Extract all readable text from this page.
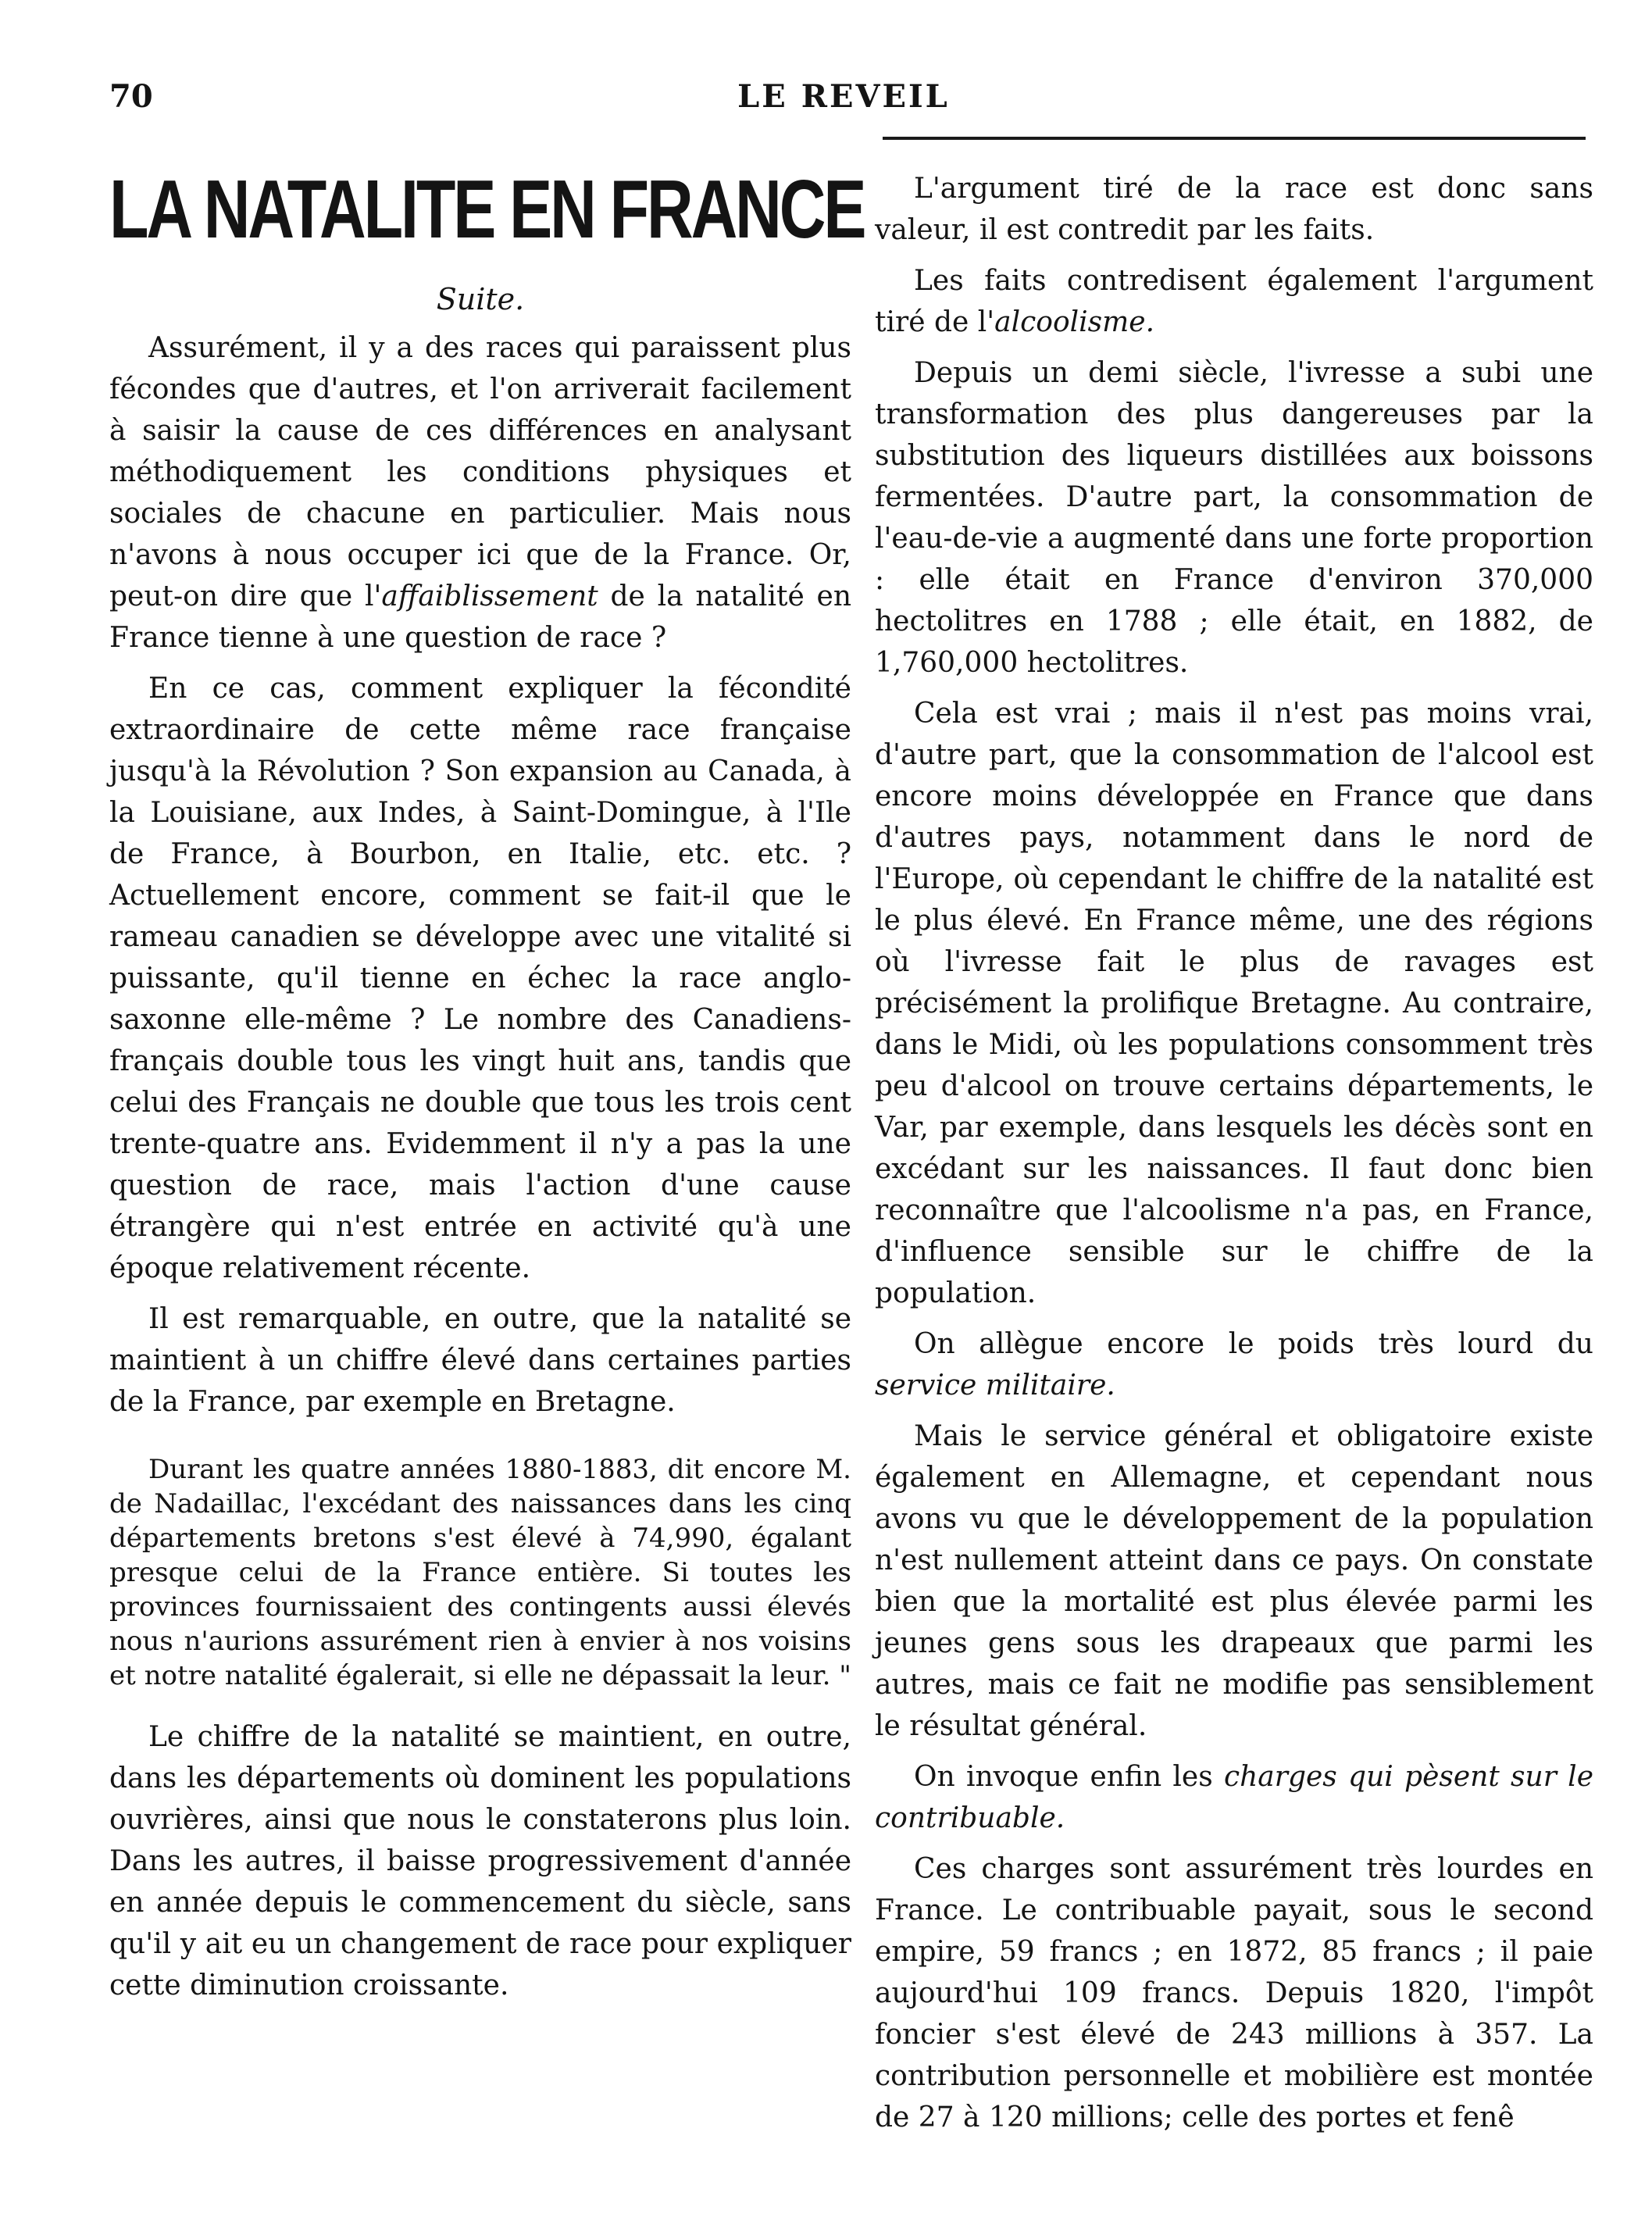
70	LE REVEIL
LA NATALITE EN FRANCE
Suite.

Assurément, il y a des races qui paraissent plus fécondes que d'autres, et l'on arriverait facilement à saisir la cause de ces différences en analysant méthodiquement les conditions physiques et sociales de chacune en particulier. Mais nous n'avons à nous occuper ici que de la France. Or, peut-on dire que l'affaiblissement de la natalité en France tienne à une question de race ?

En ce cas, comment expliquer la fécondité extraordinaire de cette même race française jusqu'à la Révolution ? Son expansion au Canada, à la Louisiane, aux Indes, à Saint-Domingue, à l'Ile de France, à Bourbon, en Italie, etc. etc. ? Actuellement encore, comment se fait-il que le rameau canadien se développe avec une vitalité si puissante, qu'il tienne en échec la race anglo-saxonne elle-même ? Le nombre des Canadiens-français double tous les vingt huit ans, tandis que celui des Français ne double que tous les trois cent trente-quatre ans. Evidemment il n'y a pas la une question de race, mais l'action d'une cause étrangère qui n'est entrée en activité qu'à une époque relativement récente.

Il est remarquable, en outre, que la natalité se maintient à un chiffre élevé dans certaines parties de la France, par exemple en Bretagne.

Durant les quatre années 1880-1883, dit encore M. de Nadaillac, l'excédant des naissances dans les cinq départements bretons s'est élevé à 74,990, égalant presque celui de la France entière. Si toutes les provinces fournissaient des contingents aussi élevés nous n'aurions assurément rien à envier à nos voisins et notre natalité égalerait, si elle ne dépassait la leur. "

Le chiffre de la natalité se maintient, en outre, dans les départements où dominent les populations ouvrières, ainsi que nous le constaterons plus loin. Dans les autres, il baisse progressivement d'année en année depuis le commencement du siècle, sans qu'il y ait eu un changement de race pour expliquer cette diminution croissante.

L'argument tiré de la race est donc sans valeur, il est contredit par les faits.

Les faits contredisent également l'argument tiré de l'alcoolisme.

Depuis un demi siècle, l'ivresse a subi une transformation des plus dangereuses par la substitution des liqueurs distillées aux boissons fermentées. D'autre part, la consommation de l'eau-de-vie a augmenté dans une forte proportion : elle était en France d'environ 370,000 hectolitres en 1788 ; elle était, en 1882, de 1,760,000 hectolitres.

Cela est vrai ; mais il n'est pas moins vrai, d'autre part, que la consommation de l'alcool est encore moins développée en France que dans d'autres pays, notamment dans le nord de l'Europe, où cependant le chiffre de la natalité est le plus élevé. En France même, une des régions où l'ivresse fait le plus de ravages est précisément la prolifique Bretagne. Au contraire, dans le Midi, où les populations consomment très peu d'alcool on trouve certains départements, le Var, par exemple, dans lesquels les décès sont en excédant sur les naissances. Il faut donc bien reconnaître que l'alcoolisme n'a pas, en France, d'influence sensible sur le chiffre de la population.

On allègue encore le poids très lourd du service militaire.

Mais le service général et obligatoire existe également en Allemagne, et cependant nous avons vu que le développement de la population n'est nullement atteint dans ce pays. On constate bien que la mortalité est plus élevée parmi les jeunes gens sous les drapeaux que parmi les autres, mais ce fait ne modifie pas sensiblement le résultat général.

On invoque enfin les charges qui pèsent sur le contribuable.

Ces charges sont assurément très lourdes en France. Le contribuable payait, sous le second empire, 59 francs ; en 1872, 85 francs ; il paie aujourd'hui 109 francs. Depuis 1820, l'impôt foncier s'est élevé de 243 millions à 357. La contribution personnelle et mobilière est montée de 27 à 120 millions; celle des portes et fenê
